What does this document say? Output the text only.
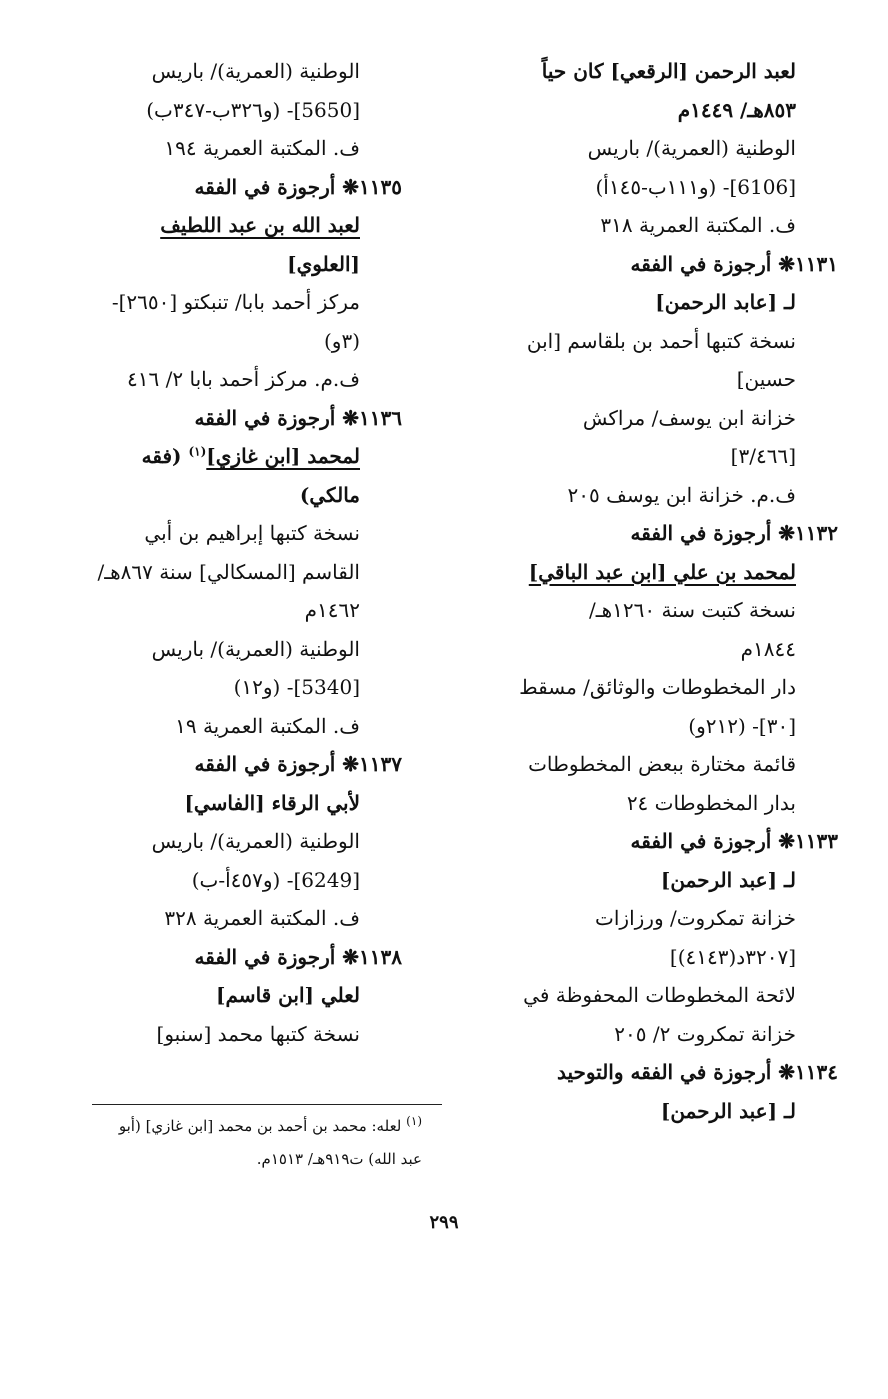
لعبد الرحمن [الرقعي] كان حياً
٨٥٣هـ/ ١٤٤٩م
الوطنية (العمرية)/ باريس
[6106]- (و١١١ب-١٤٥أ)
ف. المكتبة العمرية ٣١٨
١١٣١❋ أرجوزة في الفقه
لـ [عابد الرحمن]
نسخة كتبها أحمد بن بلقاسم [ابن
حسين]
خزانة ابن يوسف/ مراكش
[٣/٤٦٦]
ف.م. خزانة ابن يوسف ٢٠٥
١١٣٢❋ أرجوزة في الفقه
لمحمد بن علي [ابن عبد الباقي]
نسخة كتبت سنة ١٢٦٠هـ/
١٨٤٤م
دار المخطوطات والوثائق/ مسقط
[٣٠]- (٢١٢و)
قائمة مختارة ببعض المخطوطات
بدار المخطوطات ٢٤
١١٣٣❋ أرجوزة في الفقه
لـ [عبد الرحمن]
خزانة تمكروت/ ورزازات
[٣٢٠٧د(٤١٤٣)]
لائحة المخطوطات المحفوظة في
خزانة تمكروت ٢/ ٢٠٥
١١٣٤❋ أرجوزة في الفقه والتوحيد
لـ [عبد الرحمن]
الوطنية (العمرية)/ باريس
[5650]- (و٣٢٦ب-٣٤٧ب)
ف. المكتبة العمرية ١٩٤
١١٣٥❋ أرجوزة في الفقه
لعبد الله بن عبد اللطيف
[العلوي]
مركز أحمد بابا/ تنبكتو [٢٦٥٠]-
(٣و)
ف.م. مركز أحمد بابا ٢/ ٤١٦
١١٣٦❋ أرجوزة في الفقه
لمحمد [ابن غازي]$^{(١)}$ (فقه
مالكي)
نسخة كتبها إبراهيم بن أبي
القاسم [المسكالي] سنة ٨٦٧هـ/
١٤٦٢م
الوطنية (العمرية)/ باريس
[5340]- (و١٢)
ف. المكتبة العمرية ١٩
١١٣٧❋ أرجوزة في الفقه
لأبي الرقاء [الفاسي]
الوطنية (العمرية)/ باريس
[6249]- (و٤٥٧أ-ب)
ف. المكتبة العمرية ٣٢٨
١١٣٨❋ أرجوزة في الفقه
لعلي [ابن قاسم]
نسخة كتبها محمد [سنبو]
$^{(١)}$ لعله: محمد بن أحمد بن محمد [ابن غازي] (أبو
عبد الله) ت٩١٩هـ/ ١٥١٣م.
٢٩٩
